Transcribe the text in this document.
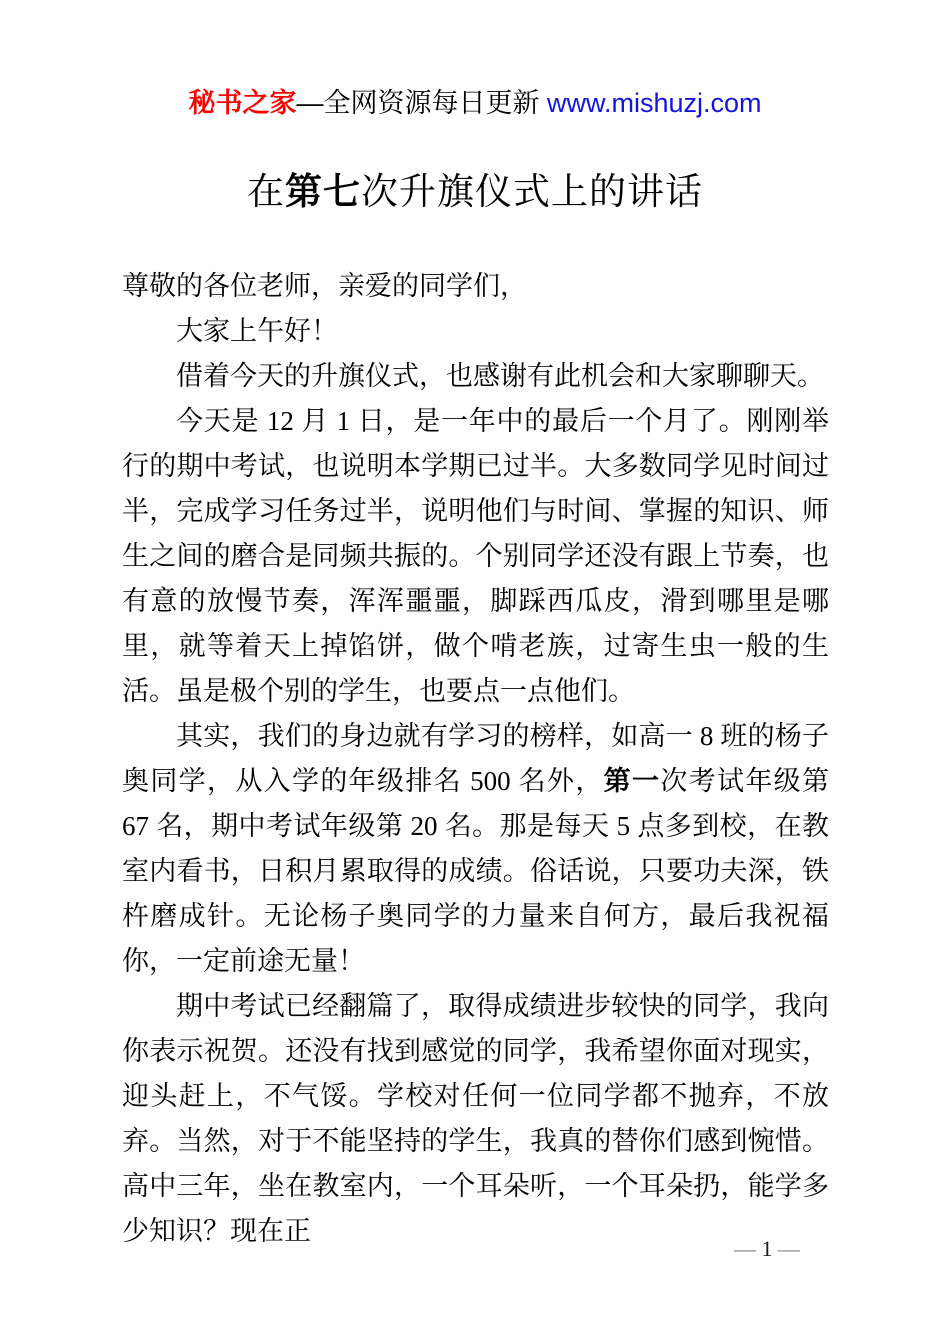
秘书之家—全网资源每日更新 www.mishuzj.com
在第七次升旗仪式上的讲话

尊敬的各位老师，亲爱的同学们，

大家上午好！

借着今天的升旗仪式，也感谢有此机会和大家聊聊天。

今天是 12 月 1 日，是一年中的最后一个月了。刚刚举行的期中考试，也说明本学期已过半。大多数同学见时间过半，完成学习任务过半，说明他们与时间、掌握的知识、师生之间的磨合是同频共振的。个别同学还没有跟上节奏，也有意的放慢节奏，浑浑噩噩，脚踩西瓜皮，滑到哪里是哪里，就等着天上掉馅饼，做个啃老族，过寄生虫一般的生活。虽是极个别的学生，也要点一点他们。

其实，我们的身边就有学习的榜样，如高一 8 班的杨子奥同学，从入学的年级排名 500 名外，第一次考试年级第 67 名，期中考试年级第 20 名。那是每天 5 点多到校，在教室内看书，日积月累取得的成绩。俗话说，只要功夫深，铁杵磨成针。无论杨子奥同学的力量来自何方，最后我祝福你，一定前途无量！

期中考试已经翻篇了，取得成绩进步较快的同学，我向你表示祝贺。还没有找到感觉的同学，我希望你面对现实，迎头赶上，不气馁。学校对任何一位同学都不抛弃，不放弃。当然，对于不能坚持的学生，我真的替你们感到惋惜。高中三年，坐在教室内，一个耳朵听，一个耳朵扔，能学多少知识？现在正

— 1 —
